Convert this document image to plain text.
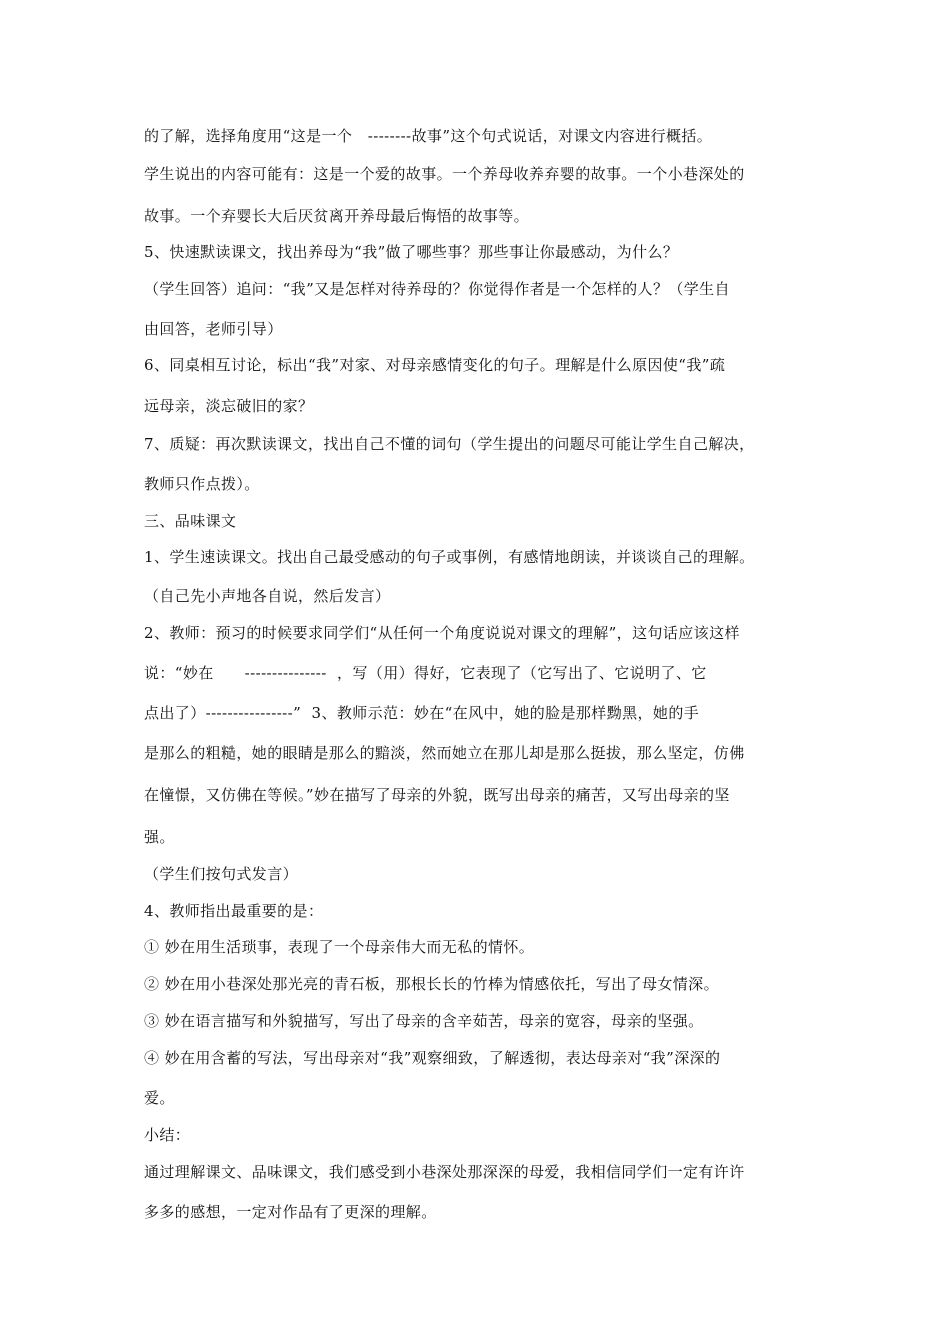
的了解，选择角度用“这是一个   --------故事”这个句式说话，对课文内容进行概括。
学生说出的内容可能有：这是一个爱的故事。一个养母收养弃婴的故事。一个小巷深处的
故事。一个弃婴长大后厌贫离开养母最后悔悟的故事等。
5、快速默读课文，找出养母为“我”做了哪些事？那些事让你最感动，为什么？
（学生回答）追问：“我”又是怎样对待养母的？你觉得作者是一个怎样的人？（学生自
由回答，老师引导）
6、同桌相互讨论，标出“我”对家、对母亲感情变化的句子。理解是什么原因使“我”疏
远母亲，淡忘破旧的家？
7、质疑：再次默读课文，找出自己不懂的词句（学生提出的问题尽可能让学生自己解决，
教师只作点拨）。
三、品味课文
1、学生速读课文。找出自己最受感动的句子或事例，有感情地朗读，并谈谈自己的理解。
（自己先小声地各自说，然后发言）
2、教师：预习的时候要求同学们“从任何一个角度说说对课文的理解”，这句话应该这样
说：“妙在      ---------------  ，写（用）得好，它表现了（它写出了、它说明了、它
点出了）----------------”  3、教师示范：妙在“在风中，她的脸是那样黝黑，她的手
是那么的粗糙，她的眼睛是那么的黯淡，然而她立在那儿却是那么挺拔，那么坚定，仿佛
在憧憬，又仿佛在等候。”妙在描写了母亲的外貌，既写出母亲的痛苦，又写出母亲的坚
强。
（学生们按句式发言）
4、教师指出最重要的是：
① 妙在用生活琐事，表现了一个母亲伟大而无私的情怀。
② 妙在用小巷深处那光亮的青石板，那根长长的竹棒为情感依托，写出了母女情深。
③ 妙在语言描写和外貌描写，写出了母亲的含辛茹苦，母亲的宽容，母亲的坚强。
④ 妙在用含蓄的写法，写出母亲对“我”观察细致，了解透彻，表达母亲对“我”深深的
爱。
小结：
通过理解课文、品味课文，我们感受到小巷深处那深深的母爱，我相信同学们一定有许许
多多的感想，一定对作品有了更深的理解。
